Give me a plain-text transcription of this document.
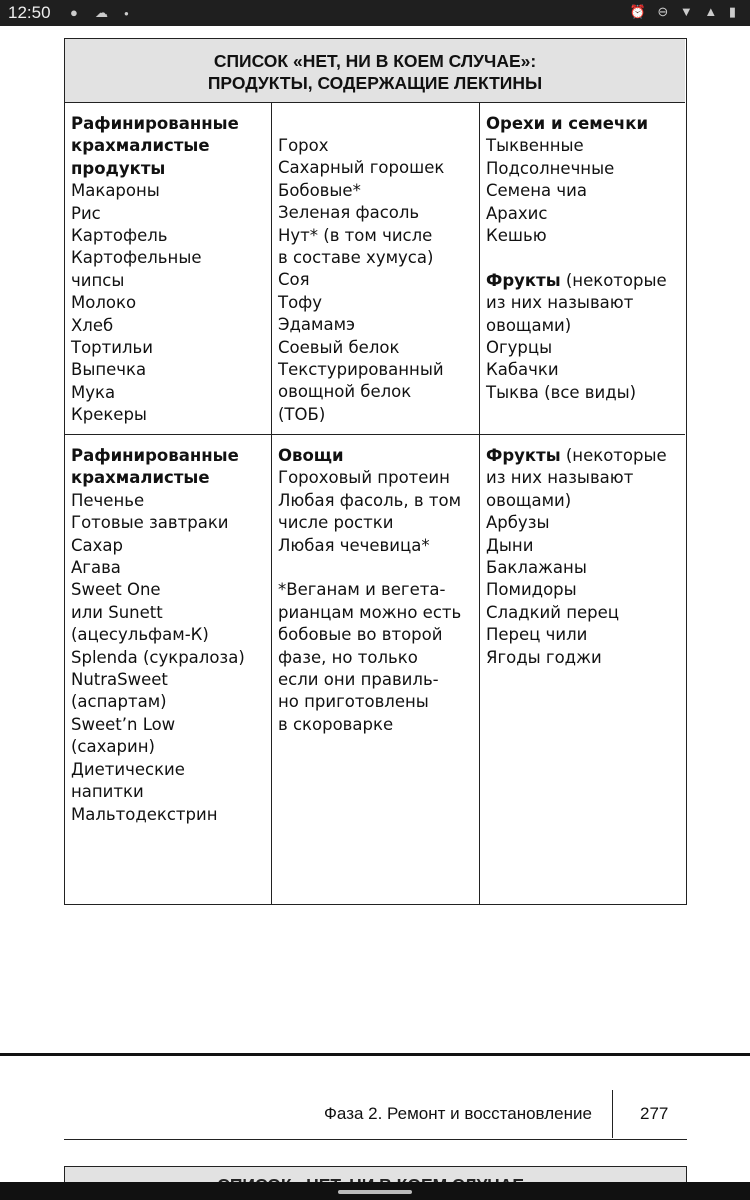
12:50 ● ☁ ●	⏰ ⊖ ▼ ▲ ▮
СПИСОК «НЕТ, НИ В КОЕМ СЛУЧАЕ»:
ПРОДУКТЫ, СОДЕРЖАЩИЕ ЛЕКТИНЫ
Рафинированные
крахмалистые
продукты
Макароны
Рис
Картофель
Картофельные
чипсы
Молоко
Хлеб
Тортильи
Выпечка
Мука
Крекеры
Горох
Сахарный горошек
Бобовые*
Зеленая фасоль
Нут* (в том числе
в составе хумуса)
Соя
Тофу
Эдамамэ
Соевый белок
Текстурированный
овощной белок
(ТОБ)
Орехи и семечки
Тыквенные
Подсолнечные
Семена чиа
Арахис
Кешью

Фрукты (некоторые
из них называют
овощами)
Огурцы
Кабачки
Тыква (все виды)
Рафинированные
крахмалистые
Печенье
Готовые завтраки
Сахар
Агава
Sweet One
или Sunett
(ацесульфам-К)
Splenda (сукралоза)
NutraSweet
(аспартам)
Sweet’n Low
(сахарин)
Диетические
напитки
Мальтодекстрин
Овощи
Гороховый протеин
Любая фасоль, в том
числе ростки
Любая чечевица*

*Веганам и вегета-
рианцам можно есть
бобовые во второй
фазе, но только
если они правиль-
но приготовлены
в скороварке
Фрукты (некоторые
из них называют
овощами)
Арбузы
Дыни
Баклажаны
Помидоры
Сладкий перец
Перец чили
Ягоды годжи
Фаза 2. Ремонт и восстановление	277
